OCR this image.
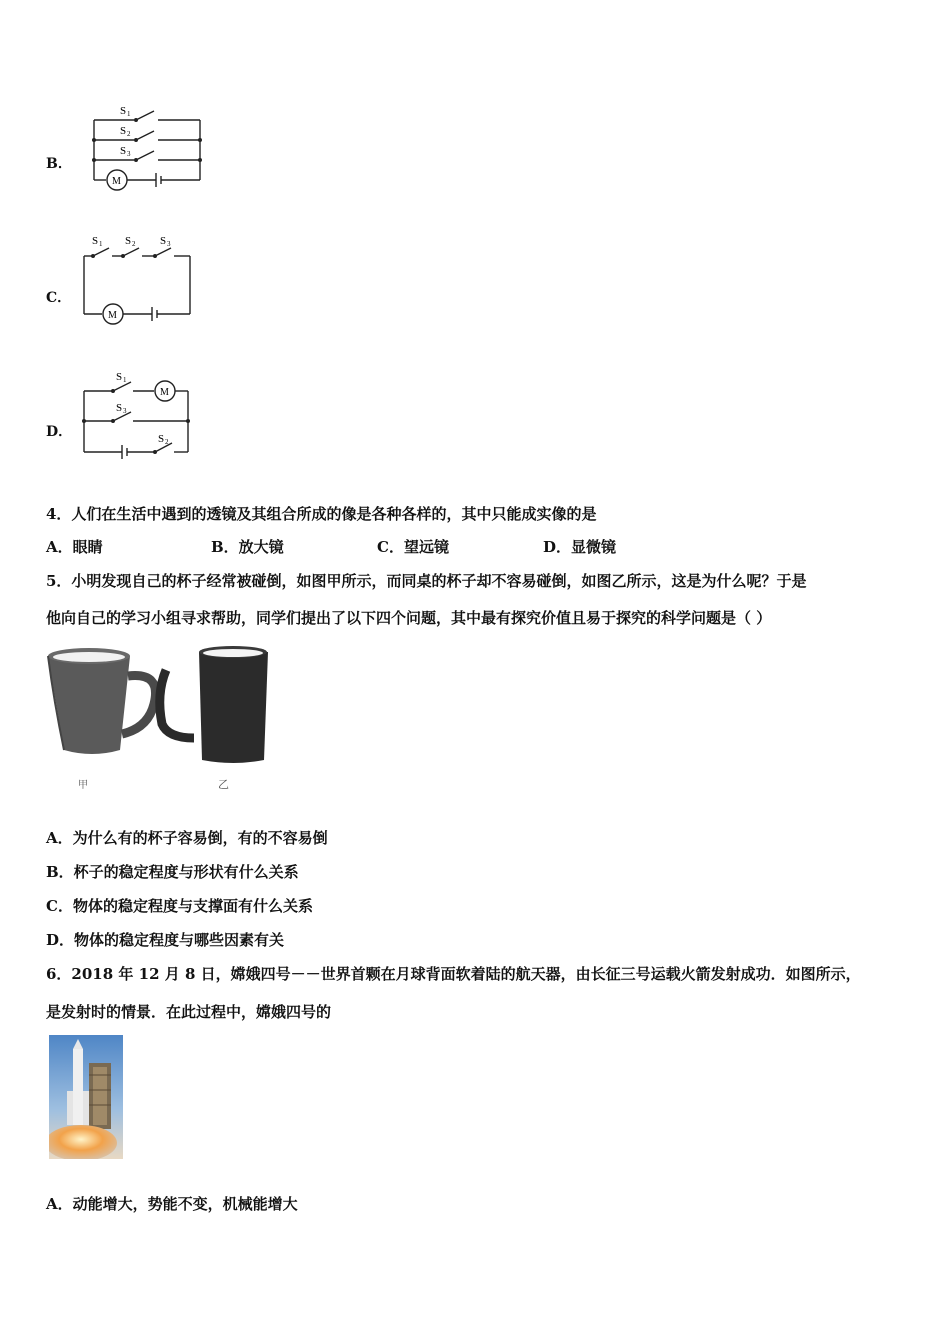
B．
S 1
S 2
S 3
M
C．
S 1 S 2 S 3
M
D．
S 1
M
S 3
S 2
4．人们在生活中遇到的透镜及其组合所成的像是各种各样的，其中只能成实像的是
A．眼睛	B．放大镜	C．望远镜	D．显微镜
5．小明发现自己的杯子经常被碰倒，如图甲所示，而同桌的杯子却不容易碰倒，如图乙所示，这是为什么呢？于是
他向自己的学习小组寻求帮助，同学们提出了以下四个问题，其中最有探究价值且易于探究的科学问题是（ ）
甲	乙
A．为什么有的杯子容易倒，有的不容易倒
B．杯子的稳定程度与形状有什么关系
C．物体的稳定程度与支撑面有什么关系
D．物体的稳定程度与哪些因素有关
6．2018 年 12 月 8 日，嫦娥四号－－世界首颗在月球背面软着陆的航天器，由长征三号运载火箭发射成功．如图所示，
是发射时的情景．在此过程中，嫦娥四号的
A．动能增大，势能不变，机械能增大
